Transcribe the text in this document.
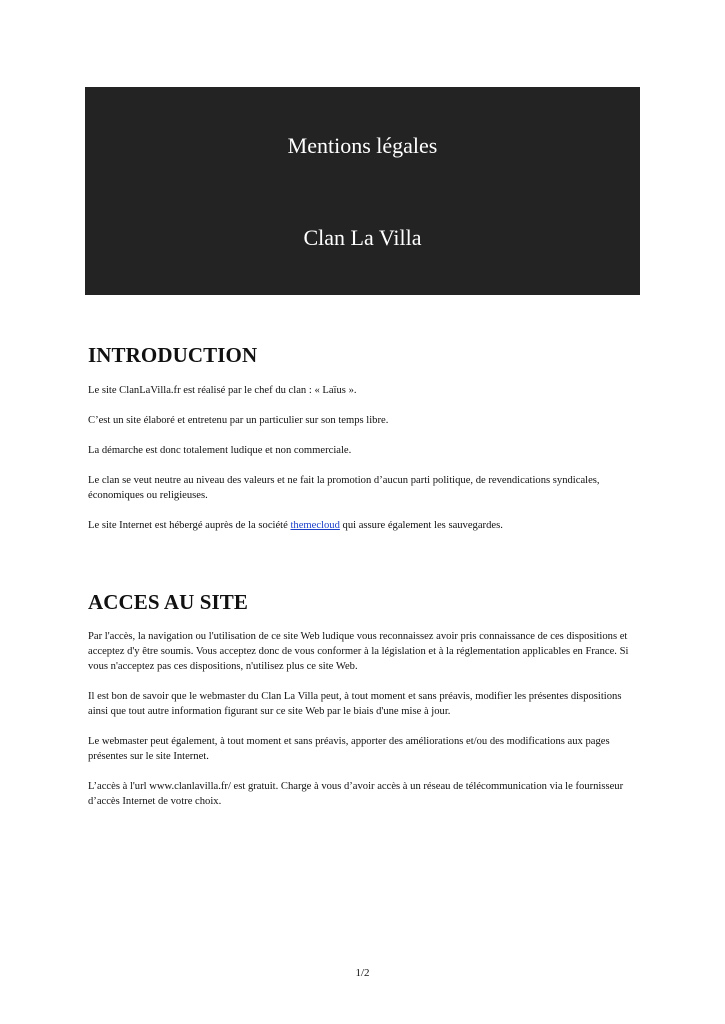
Mentions légales
Clan La Villa
INTRODUCTION

Le site ClanLaVilla.fr est réalisé par le chef du clan : « Laïus ».

C’est un site élaboré et entretenu par un particulier sur son temps libre.

La démarche est donc totalement ludique et non commerciale.

Le clan se veut neutre au niveau des valeurs et ne fait la promotion d’aucun parti politique, de revendications syndicales, économiques ou religieuses.

Le site Internet est hébergé auprès de la société themecloud qui assure également les sauvegardes.

ACCES AU SITE

Par l'accès, la navigation ou l'utilisation de ce site Web ludique vous reconnaissez avoir pris connaissance de ces dispositions et acceptez d'y être soumis. Vous acceptez donc de vous conformer à la législation et à la réglementation applicables en France. Si vous n'acceptez pas ces dispositions, n'utilisez plus ce site Web.

Il est bon de savoir que le webmaster du Clan La Villa peut, à tout moment et sans préavis, modifier les présentes dispositions ainsi que tout autre information figurant sur ce site Web par le biais d'une mise à jour.

Le webmaster peut également, à tout moment et sans préavis, apporter des améliorations et/ou des modifications aux pages présentes sur le site Internet.

L’accès à l'url www.clanlavilla.fr/ est gratuit. Charge à vous d’avoir accès à un réseau de télécommunication via le fournisseur d’accès Internet de votre choix.

1/2
